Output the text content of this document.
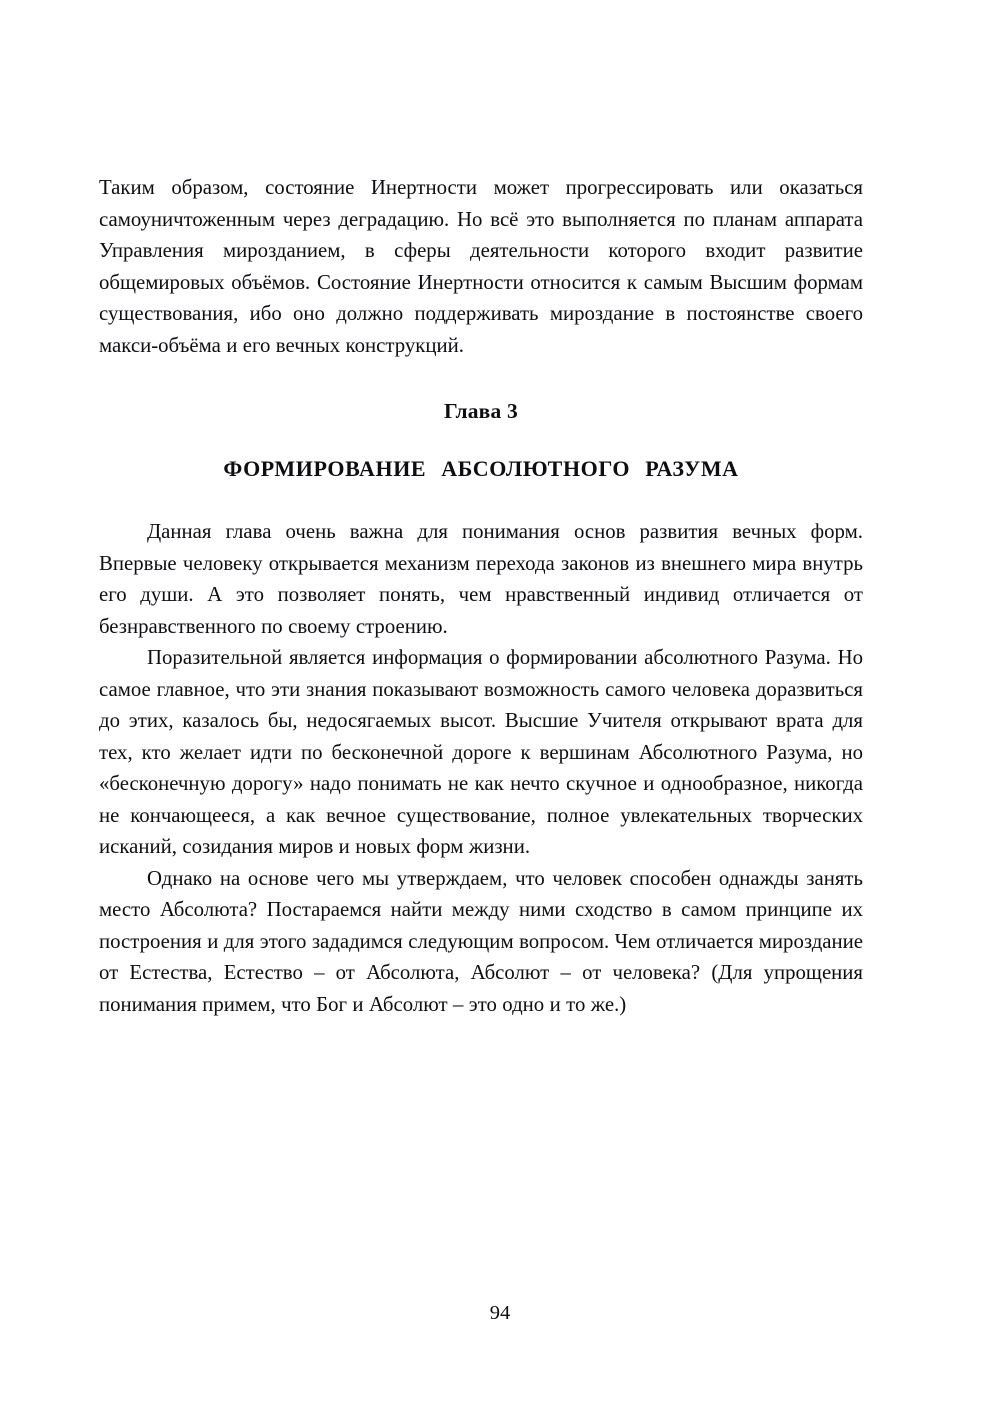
Таким образом, состояние Инертности может прогрессировать или оказаться самоуничтоженным через деградацию. Но всё это выполняется по планам аппарата Управления мирозданием, в сферы деятельности которого входит развитие общемировых объёмов. Состояние Инертности относится к самым Высшим формам существования, ибо оно должно поддерживать мироздание в постоянстве своего макси-объёма и его вечных конструкций.

Глава 3

ФОРМИРОВАНИЕ АБСОЛЮТНОГО РАЗУМА

Данная глава очень важна для понимания основ развития вечных форм. Впервые человеку открывается механизм перехода законов из внешнего мира внутрь его души. А это позволяет понять, чем нравственный индивид отличается от безнравственного по своему строению.

Поразительной является информация о формировании абсолютного Разума. Но самое главное, что эти знания показывают возможность самого человека доразвиться до этих, казалось бы, недосягаемых высот. Высшие Учителя открывают врата для тех, кто желает идти по бесконечной дороге к вершинам Абсолютного Разума, но «бесконечную дорогу» надо понимать не как нечто скучное и однообразное, никогда не кончающееся, а как вечное существование, полное увлекательных творческих исканий, созидания миров и новых форм жизни.

Однако на основе чего мы утверждаем, что человек способен однажды занять место Абсолюта? Постараемся найти между ними сходство в самом принципе их построения и для этого зададимся следующим вопросом. Чем отличается мироздание от Естества, Естество – от Абсолюта, Абсолют – от человека? (Для упрощения понимания примем, что Бог и Абсолют – это одно и то же.)

94
